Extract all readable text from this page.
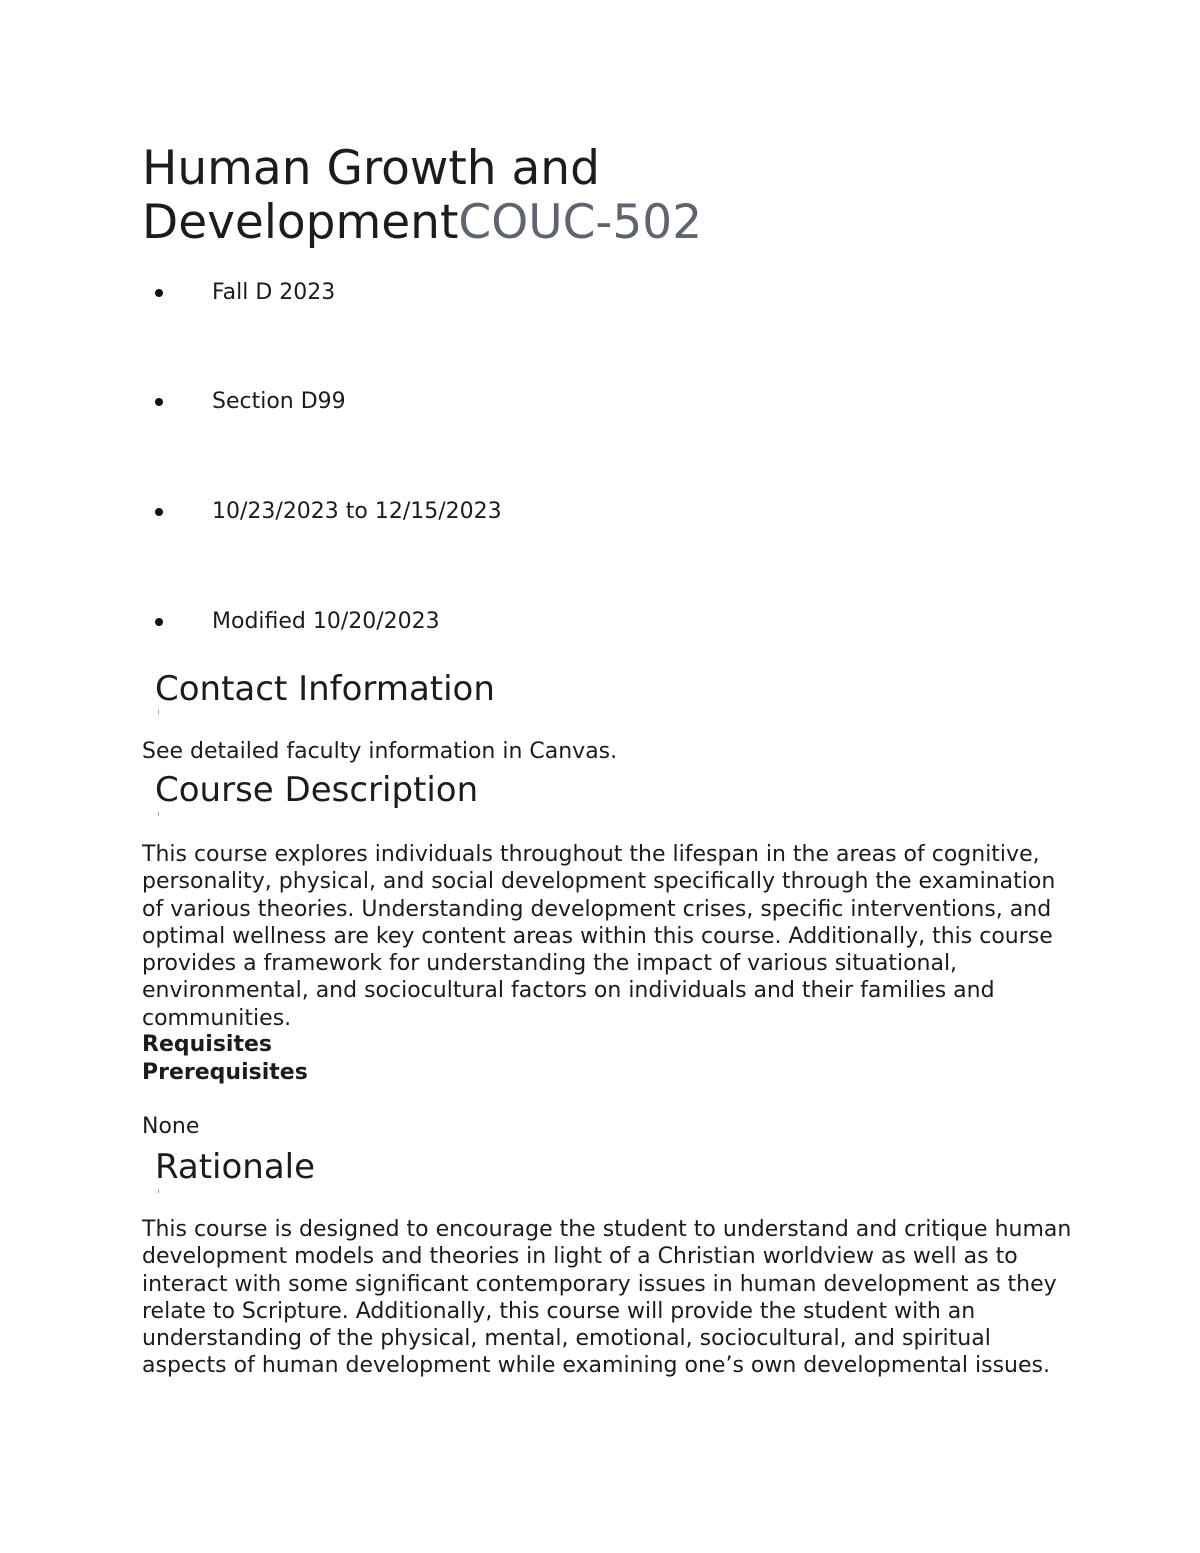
Human Growth and DevelopmentCOUC-502
Fall D 2023
Section D99
10/23/2023 to 12/15/2023
Modified 10/20/2023
Contact Information

See detailed faculty information in Canvas.

Course Description

This course explores individuals throughout the lifespan in the areas of cognitive, personality, physical, and social development specifically through the examination of various theories. Understanding development crises, specific interventions, and optimal wellness are key content areas within this course. Additionally, this course provides a framework for understanding the impact of various situational, environmental, and sociocultural factors on individuals and their families and communities.

Requisites

Prerequisites

None

Rationale

This course is designed to encourage the student to understand and critique human development models and theories in light of a Christian worldview as well as to interact with some significant contemporary issues in human development as they relate to Scripture. Additionally, this course will provide the student with an understanding of the physical, mental, emotional, sociocultural, and spiritual aspects of human development while examining one’s own developmental issues.
